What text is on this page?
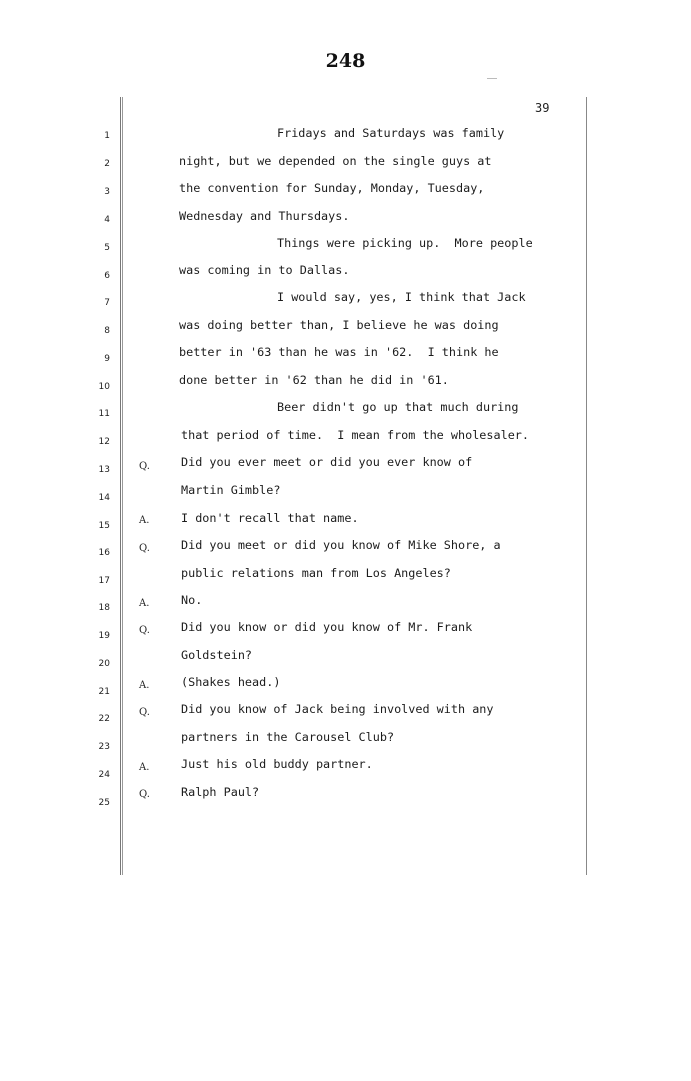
248
39
1
2
3
4
5
6
7
8
9
10
11
12
13
14
15
16
17
18
19
20
21
22
23
24
25
Q.
A.
Q.
A.
Q.
A.
Q.
A.
Q.
Fridays and Saturdays was family
night, but we depended on the single guys at
the convention for Sunday, Monday, Tuesday,
Wednesday and Thursdays.
Things were picking up.  More people
was coming in to Dallas.
I would say, yes, I think that Jack
was doing better than, I believe he was doing
better in '63 than he was in '62.  I think he
done better in '62 than he did in '61.
Beer didn't go up that much during
that period of time.  I mean from the wholesaler.
Did you ever meet or did you ever know of
Martin Gimble?
I don't recall that name.
Did you meet or did you know of Mike Shore, a
public relations man from Los Angeles?
No.
Did you know or did you know of Mr. Frank
Goldstein?
(Shakes head.)
Did you know of Jack being involved with any
partners in the Carousel Club?
Just his old buddy partner.
Ralph Paul?
